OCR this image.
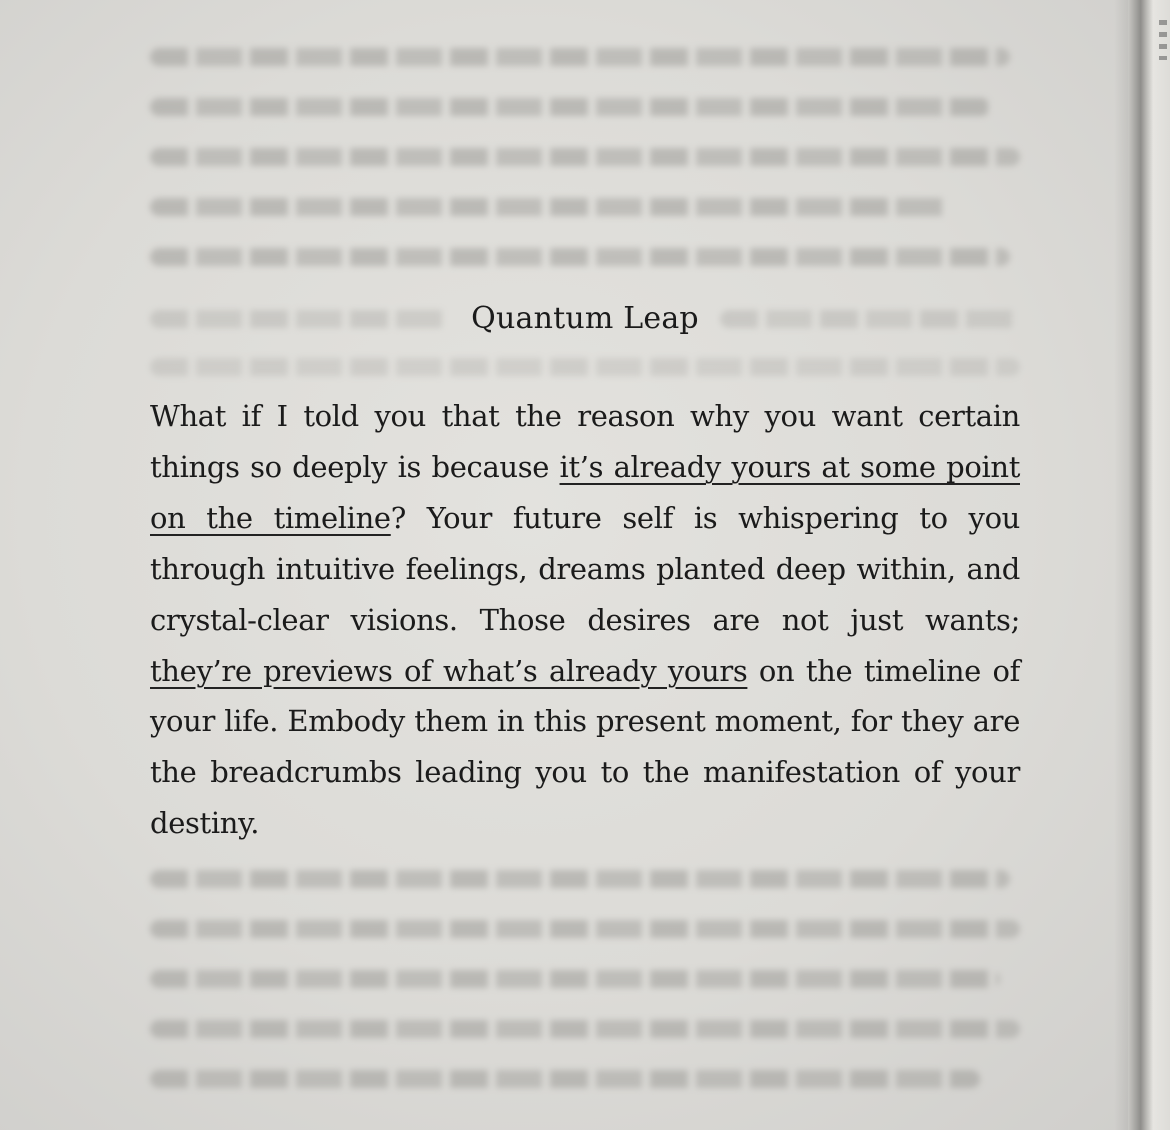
Quantum Leap
What if I told you that the reason why you want certain things so deeply is because it’s already yours at some point on the timeline? Your future self is whispering to you through intuitive feelings, dreams planted deep within, and crystal-clear visions. Those desires are not just wants; they’re previews of what’s already yours on the timeline of your life. Embody them in this present moment, for they are the breadcrumbs leading you to the manifestation of your destiny.
